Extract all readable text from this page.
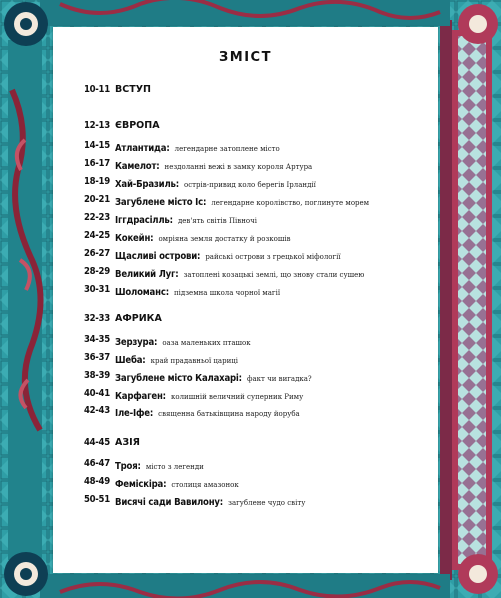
ЗМІСТ
10-11 ВСТУП
12-13 ЄВРОПА
14-15 Атлантида: легендарне затоплене місто
16-17 Камелот: нездоланні вежі в замку короля Артура
18-19 Хай-Бразиль: острів-привид коло берегів Ірландії
20-21 Загублене місто Іс: легендарне королівство, поглинуте морем
22-23 Іггдрасілль: дев'ять світів Півночі
24-25 Кокейн: омріяна земля достатку й розкошів
26-27 Щасливі острови: райські острови з грецької міфології
28-29 Великий Луг: затоплені козацькі землі, що знову стали сушею
30-31 Шоломанс: підземна школа чорної магії
32-33 АФРИКА
34-35 Зерзура: оаза маленьких пташок
36-37 Шеба: край прадавньої цариці
38-39 Загублене місто Калахарі: факт чи вигадка?
40-41 Карфаген: колишній величний суперник Риму
42-43 Іле-Іфе: священна батьківщина народу йоруба
44-45 АЗІЯ
46-47 Троя: місто з легенди
48-49 Феміскіра: столиця амазонок
50-51 Висячі сади Вавилону: загублене чудо світу
